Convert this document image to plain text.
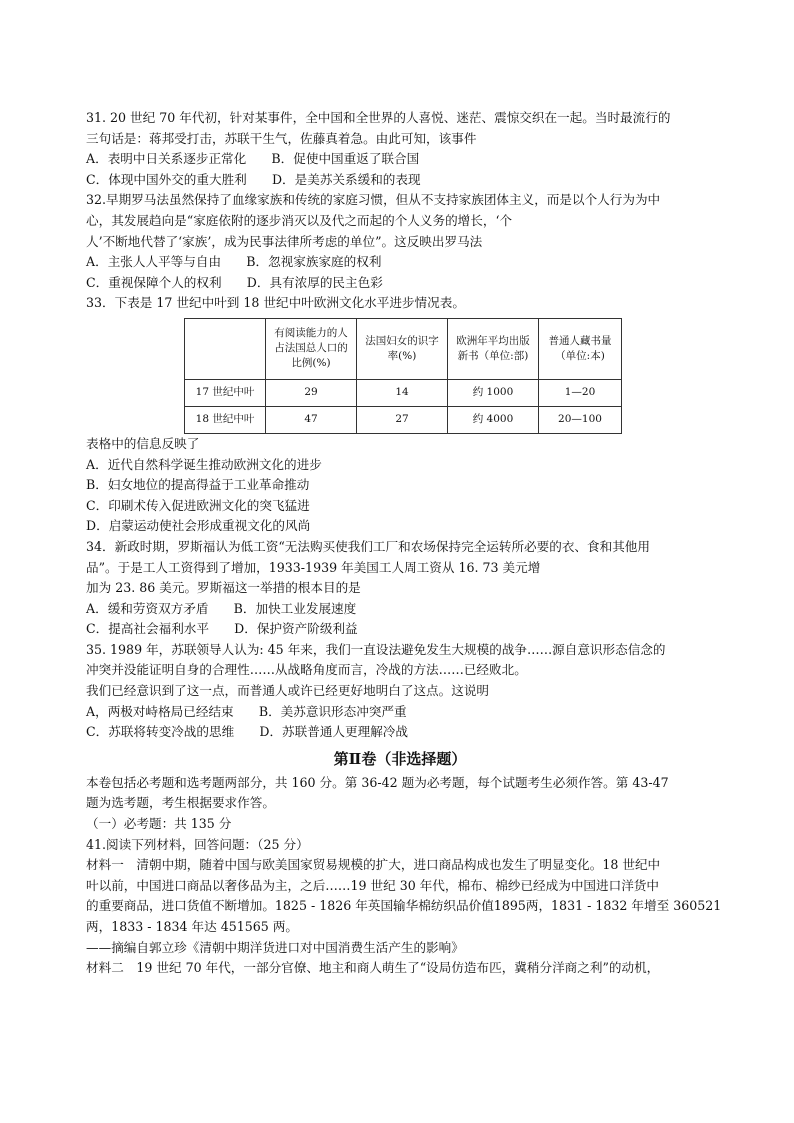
31. 20 世纪 70 年代初，针对某事件，全中国和全世界的人喜悦、迷茫、震惊交织在一起。当时最流行的

三句话是：蒋邦受打击，苏联干生气，佐藤真着急。由此可知，该事件

A．表明中日关系逐步正常化　　B．促使中国重返了联合国

C．体现中国外交的重大胜利　　D．是美苏关系缓和的表现

32.早期罗马法虽然保持了血缘家族和传统的家庭习惯，但从不支持家族团体主义，而是以个人行为为中

心，其发展趋向是“家庭依附的逐步消灭以及代之而起的个人义务的增长，‘个

人’不断地代替了‘家族’，成为民事法律所考虑的单位”。这反映出罗马法

A．主张人人平等与自由　　B．忽视家族家庭的权利

C．重视保障个人的权利　　D．具有浓厚的民主色彩

33．下表是 17 世纪中叶到 18 世纪中叶欧洲文化水平进步情况表。

	有阅读能力的人占法国总人口的比例(%)	法国妇女的识字率(%)	欧洲年平均出版新书（单位:部)	普通人藏书量（单位:本)
17 世纪中叶	29	14	约 1000	1—20
18 世纪中叶	47	27	约 4000	20—100

表格中的信息反映了

A．近代自然科学诞生推动欧洲文化的进步

B．妇女地位的提高得益于工业革命推动

C．印刷术传入促进欧洲文化的突飞猛进

D．启蒙运动使社会形成重视文化的风尚

34．新政时期，罗斯福认为低工资“无法购买使我们工厂和农场保持完全运转所必要的衣、食和其他用

品”。于是工人工资得到了增加，1933-1939 年美国工人周工资从 16. 73 美元增

加为 23. 86 美元。罗斯福这一举措的根本目的是

A．缓和劳资双方矛盾　　B．加快工业发展速度

C．提高社会福利水平　　D．保护资产阶级利益

35. 1989 年，苏联领导人认为: 45 年来，我们一直设法避免发生大规模的战争……源自意识形态信念的

冲突并没能证明自身的合理性……从战略角度而言，冷战的方法……已经败北。

我们已经意识到了这一点，而普通人或许已经更好地明白了这点。这说明

A，两极对峙格局已经结束　　B．美苏意识形态冲突严重

C．苏联将转变冷战的思维　　D．苏联普通人更理解冷战

第Ⅱ卷（非选择题）

本卷包括必考题和选考题两部分，共 160 分。第 36-42 题为必考题，每个试题考生必须作答。第 43-47

题为选考题，考生根据要求作答。

（一）必考题：共 135 分

41.阅读下列材料，回答问题：（25 分）

材料一　清朝中期，随着中国与欧美国家贸易规模的扩大，进口商品构成也发生了明显变化。18 世纪中

叶以前，中国进口商品以奢侈品为主，之后……19 世纪 30 年代，棉布、棉纱已经成为中国进口洋货中

的重要商品，进口货值不断增加。1825 - 1826 年英国输华棉纺织品价值1895两，1831 - 1832 年增至 360521

两，1833 - 1834 年达 451565 两。

——摘编自郭立珍《清朝中期洋货进口对中国消费生活产生的影响》

材料二　19 世纪 70 年代，一部分官僚、地主和商人萌生了“设局仿造布匹，冀稍分洋商之利”的动机，
